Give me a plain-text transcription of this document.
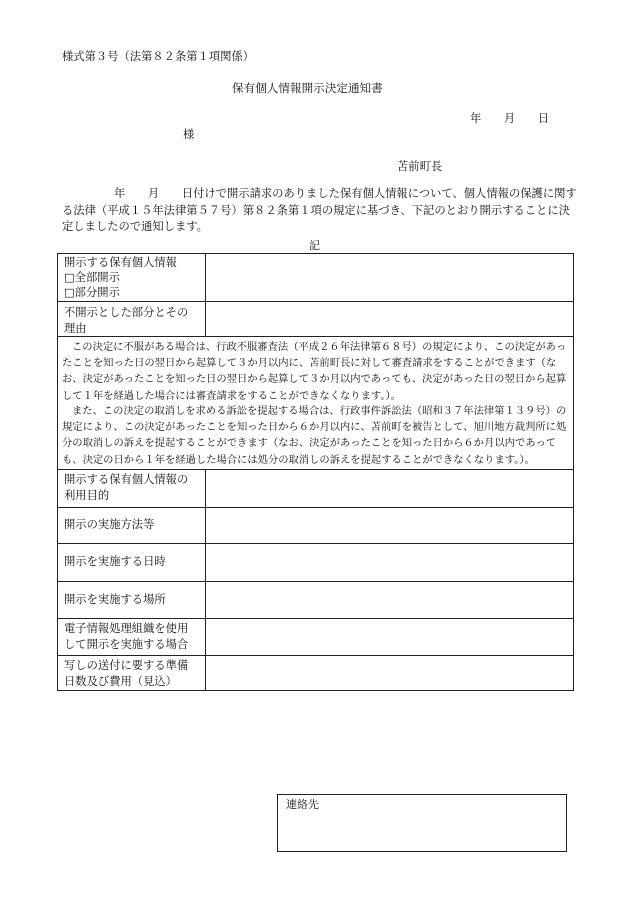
様式第３号（法第８２条第１項関係）
保有個人情報開示決定通知書
年　　月　　日
様
苫前町長

年　　月　　日付けで開示請求のありました保有個人情報について、個人情報の保護に関する法律（平成１５年法律第５７号）第８２条第１項の規定に基づき、下記のとおり開示することに決定しましたので通知します。

記
開示する保有個人情報
□全部開示
□部分開示
不開示とした部分とその
理由

この決定に不服がある場合は、行政不服審査法（平成２６年法律第６８号）の規定により、この決定があったことを知った日の翌日から起算して３か月以内に、苫前町長に対して審査請求をすることができます（なお、決定があったことを知った日の翌日から起算して３か月以内であっても、決定があった日の翌日から起算して１年を経過した場合には審査請求をすることができなくなります。）。

また、この決定の取消しを求める訴訟を提起する場合は、行政事件訴訟法（昭和３７年法律第１３９号）の規定により、この決定があったことを知った日から６か月以内に、苫前町を被告として、旭川地方裁判所に処分の取消しの訴えを提起することができます（なお、決定があったことを知った日から６か月以内であっても、決定の日から１年を経過した場合には処分の取消しの訴えを提起することができなくなります。）。

開示する保有個人情報の
利用目的
開示の実施方法等
開示を実施する日時
開示を実施する場所
電子情報処理組織を使用
して開示を実施する場合
写しの送付に要する準備
日数及び費用（見込）
連絡先
